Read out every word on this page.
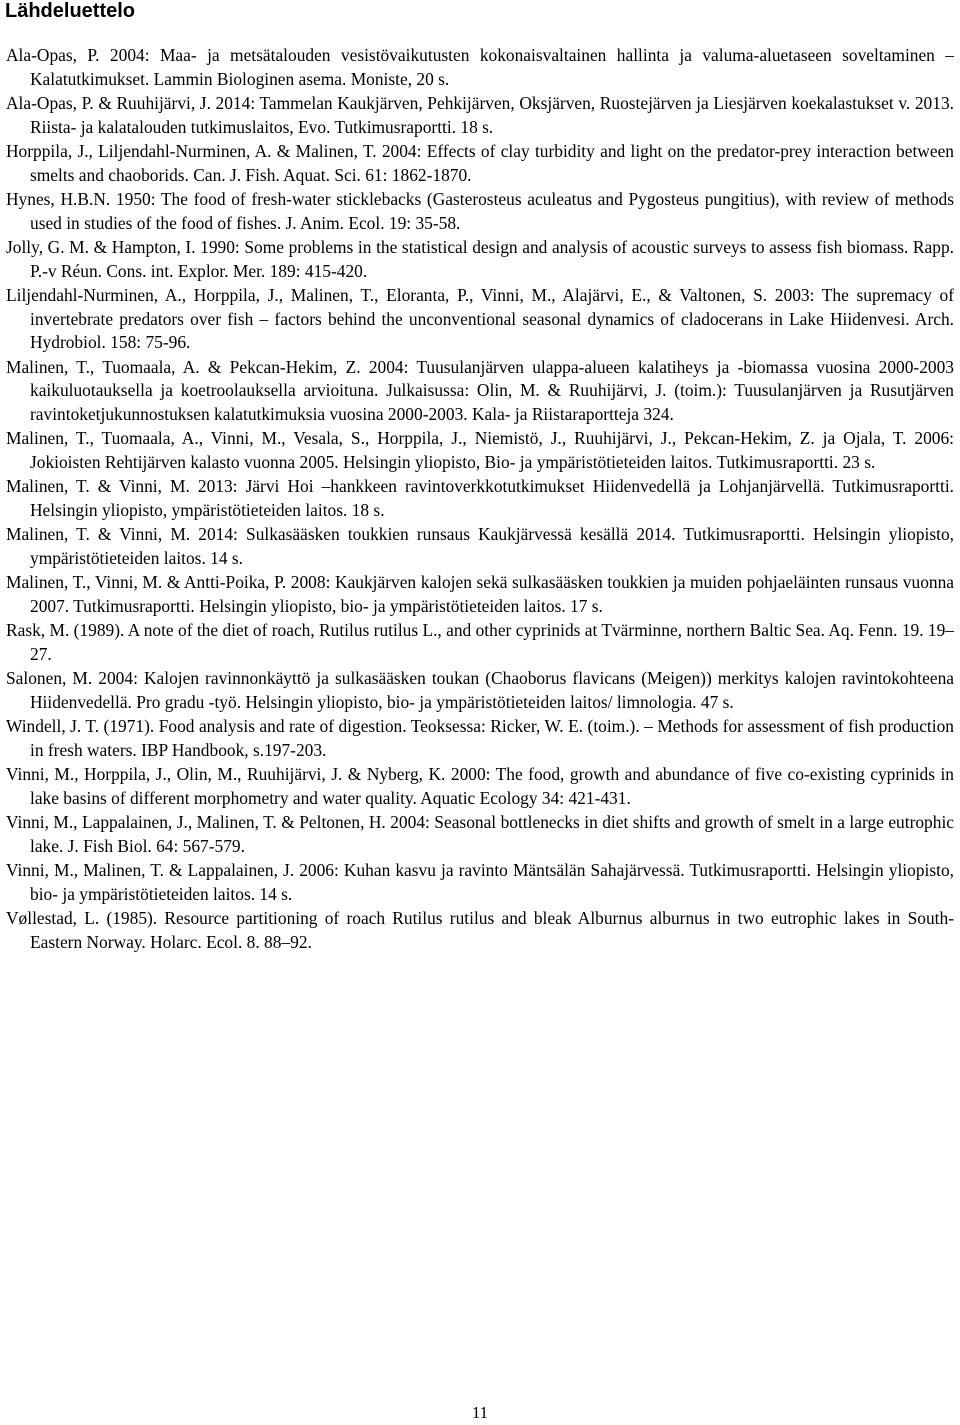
Lähdeluettelo
Ala-Opas, P. 2004: Maa- ja metsätalouden vesistövaikutusten kokonaisvaltainen hallinta ja valuma-aluetaseen soveltaminen – Kalatutkimukset. Lammin Biologinen asema. Moniste, 20 s.
Ala-Opas, P. & Ruuhijärvi, J. 2014: Tammelan Kaukjärven, Pehkijärven, Oksjärven, Ruostejärven ja Liesjärven koekalastukset v. 2013. Riista- ja kalatalouden tutkimuslaitos, Evo. Tutkimusraportti. 18 s.
Horppila, J., Liljendahl-Nurminen, A. & Malinen, T. 2004: Effects of clay turbidity and light on the predator-prey interaction between smelts and chaoborids. Can. J. Fish. Aquat. Sci. 61: 1862-1870.
Hynes, H.B.N. 1950: The food of fresh-water sticklebacks (Gasterosteus aculeatus and Pygosteus pungitius), with review of methods used in studies of the food of fishes. J. Anim. Ecol. 19: 35-58.
Jolly, G. M. & Hampton, I. 1990: Some problems in the statistical design and analysis of acoustic surveys to assess fish biomass. Rapp. P.-v Réun. Cons. int. Explor. Mer. 189: 415-420.
Liljendahl-Nurminen, A., Horppila, J., Malinen, T., Eloranta, P., Vinni, M., Alajärvi, E., & Valtonen, S. 2003: The supremacy of invertebrate predators over fish – factors behind the unconventional seasonal dynamics of cladocerans in Lake Hiidenvesi. Arch. Hydrobiol. 158: 75-96.
Malinen, T., Tuomaala, A. & Pekcan-Hekim, Z. 2004: Tuusulanjärven ulappa-alueen kalatiheys ja -biomassa vuosina 2000-2003 kaikuluotauksella ja koetroolauksella arvioituna. Julkaisussa: Olin, M. & Ruuhijärvi, J. (toim.): Tuusulanjärven ja Rusutjärven ravintoketjukunnostuksen kalatutkimuksia vuosina 2000-2003. Kala- ja Riistaraportteja 324.
Malinen, T., Tuomaala, A., Vinni, M., Vesala, S., Horppila, J., Niemistö, J., Ruuhijärvi, J., Pekcan-Hekim, Z. ja Ojala, T. 2006: Jokioisten Rehtijärven kalasto vuonna 2005. Helsingin yliopisto, Bio- ja ympäristötieteiden laitos. Tutkimusraportti. 23 s.
Malinen, T. & Vinni, M. 2013: Järvi Hoi –hankkeen ravintoverkkotutkimukset Hiidenvedellä ja Lohjanjärvellä. Tutkimusraportti. Helsingin yliopisto, ympäristötieteiden laitos. 18 s.
Malinen, T. & Vinni, M. 2014: Sulkasääsken toukkien runsaus Kaukjärvessä kesällä 2014. Tutkimusraportti. Helsingin yliopisto, ympäristötieteiden laitos. 14 s.
Malinen, T., Vinni, M. & Antti-Poika, P. 2008: Kaukjärven kalojen sekä sulkasääsken toukkien ja muiden pohjaeläinten runsaus vuonna 2007. Tutkimusraportti. Helsingin yliopisto, bio- ja ympäristötieteiden laitos. 17 s.
Rask, M. (1989). A note of the diet of roach, Rutilus rutilus L., and other cyprinids at Tvärminne, northern Baltic Sea. Aq. Fenn. 19. 19–27.
Salonen, M. 2004: Kalojen ravinnonkäyttö ja sulkasääsken toukan (Chaoborus flavicans (Meigen)) merkitys kalojen ravintokohteena Hiidenvedellä. Pro gradu -työ. Helsingin yliopisto, bio- ja ympäristötieteiden laitos/ limnologia. 47 s.
Windell, J. T. (1971). Food analysis and rate of digestion. Teoksessa: Ricker, W. E. (toim.). – Methods for assessment of fish production in fresh waters. IBP Handbook, s.197-203.
Vinni, M., Horppila, J., Olin, M., Ruuhijärvi, J. & Nyberg, K. 2000: The food, growth and abundance of five co-existing cyprinids in lake basins of different morphometry and water quality. Aquatic Ecology 34: 421-431.
Vinni, M., Lappalainen, J., Malinen, T. & Peltonen, H. 2004: Seasonal bottlenecks in diet shifts and growth of smelt in a large eutrophic lake. J. Fish Biol. 64: 567-579.
Vinni, M., Malinen, T. & Lappalainen, J. 2006: Kuhan kasvu ja ravinto Mäntsälän Sahajärvessä. Tutkimusraportti. Helsingin yliopisto, bio- ja ympäristötieteiden laitos. 14 s.
Vøllestad, L. (1985). Resource partitioning of roach Rutilus rutilus and bleak Alburnus alburnus in two eutrophic lakes in South-Eastern Norway. Holarc. Ecol. 8. 88–92.
11
